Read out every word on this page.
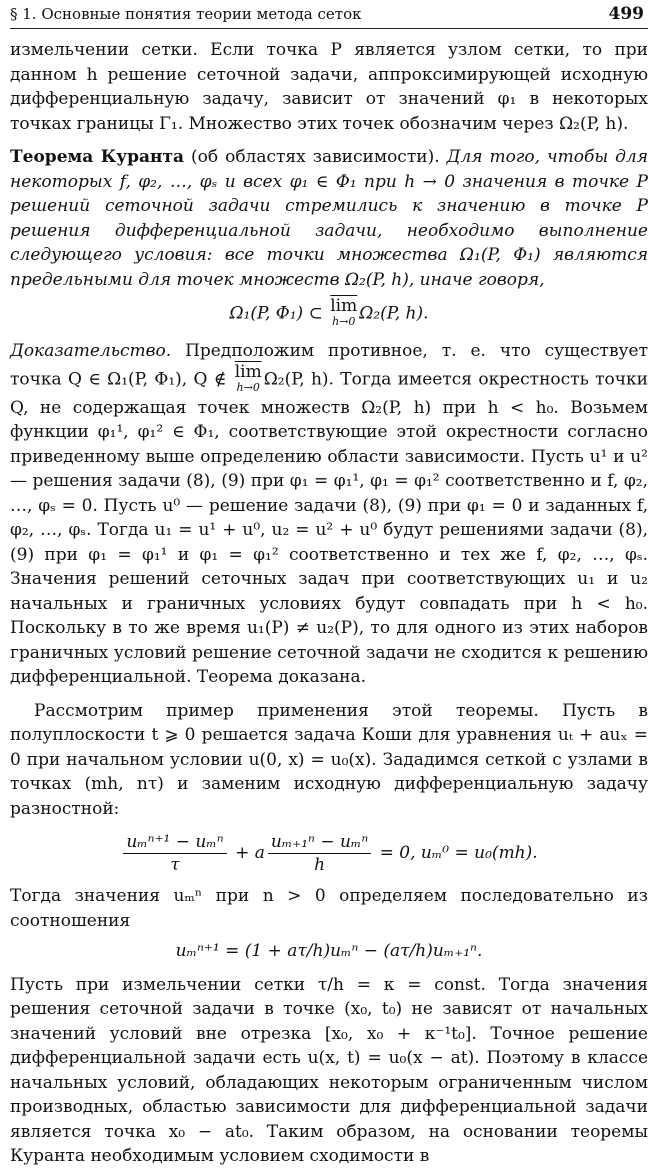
§ 1. Основные понятия теории метода сеток	499

измельчении сетки. Если точка P является узлом сетки, то при данном h решение сеточной задачи, аппроксимирующей исходную дифференциальную задачу, зависит от значений φ₁ в некоторых точках границы Γ₁. Множество этих точек обозначим через Ω₂(P, h).

Теорема Куранта (об областях зависимости). Для того, чтобы для некоторых f, φ₂, …, φₛ и всех φ₁ ∈ Φ₁ при h → 0 значения в точке P решений сеточной задачи стремились к значению в точке P решения дифференциальной задачи, необходимо выполнение следующего условия: все точки множества Ω₁(P, Φ₁) являются предельными для точек множеств Ω₂(P, h), иначе говоря,

Ω₁(P, Φ₁) ⊂ $\overline{lim}$
h→0 Ω₂(P, h).

Доказательство. Предположим противное, т. е. что существует точка Q ∈ Ω₁(P, Φ₁), Q ∉ $\overline{lim}$
h→0 Ω₂(P, h). Тогда имеется окрестность точки Q, не содержащая точек множеств Ω₂(P, h) при h < h₀. Возьмем функции φ₁¹, φ₁² ∈ Φ₁, соответствующие этой окрестности согласно приведенному выше определению области зависимости. Пусть u¹ и u² — решения задачи (8), (9) при φ₁ = φ₁¹, φ₁ = φ₁² соответственно и f, φ₂, …, φₛ = 0. Пусть u⁰ — решение задачи (8), (9) при φ₁ = 0 и заданных f, φ₂, …, φₛ. Тогда u₁ = u¹ + u⁰, u₂ = u² + u⁰ будут решениями задачи (8), (9) при φ₁ = φ₁¹ и φ₁ = φ₁² соответственно и тех же f, φ₂, …, φₛ. Значения решений сеточных задач при соответствующих u₁ и u₂ начальных и граничных условиях будут совпадать при h < h₀. Поскольку в то же время u₁(P) ≠ u₂(P), то для одного из этих наборов граничных условий решение сеточной задачи не сходится к решению дифференциальной. Теорема доказана.

Рассмотрим пример применения этой теоремы. Пусть в полуплоскости t ⩾ 0 решается задача Коши для уравнения uₜ + auₓ = 0 при начальном условии u(0, x) = u₀(x). Зададимся сеткой с узлами в точках (mh, nτ) и заменим исходную дифференциальную задачу разностной:

$\frac{\text{uₘⁿ⁺¹ − uₘⁿ}}{\tau} + a \frac{\text{uₘ₊₁ⁿ − uₘⁿ}}{h} = 0$, uₘ⁰ = u₀(mh).

Тогда значения uₘⁿ при n > 0 определяем последовательно из соотношения

uₘⁿ⁺¹ = (1 + aτ/h)uₘⁿ − (aτ/h)uₘ₊₁ⁿ.

Пусть при измельчении сетки τ/h = κ = const. Тогда значения решения сеточной задачи в точке (x₀, t₀) не зависят от начальных значений условий вне отрезка [x₀, x₀ + κ⁻¹t₀]. Точное решение дифференциальной задачи есть u(x, t) = u₀(x − at). Поэтому в классе начальных условий, обладающих некоторым ограниченным числом производных, областью зависимости для дифференциальной задачи является точка x₀ − at₀. Таким образом, на основании теоремы Куранта необходимым условием сходимости в
